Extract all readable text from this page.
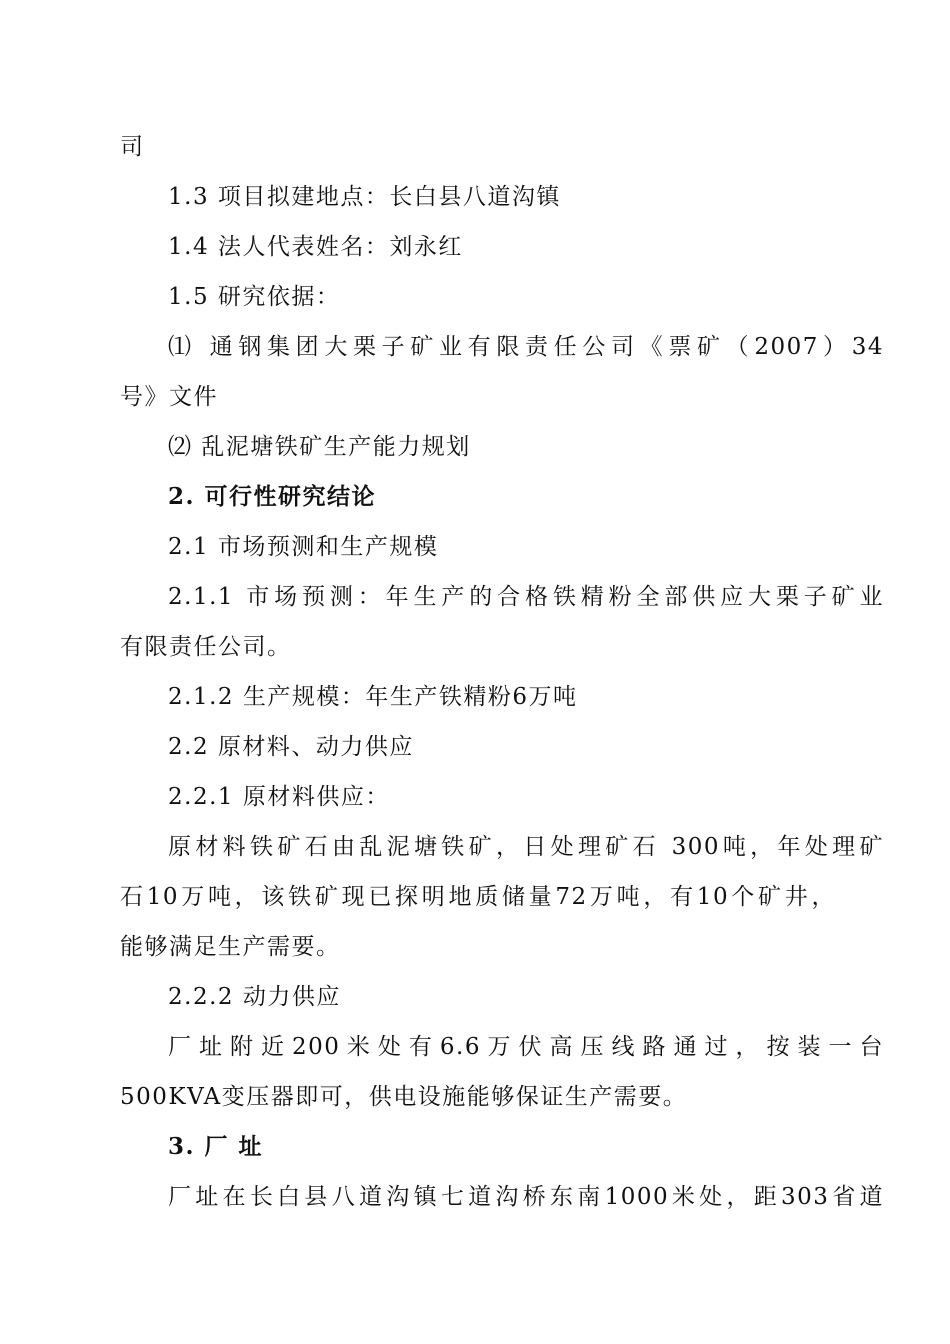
司
1.3 项目拟建地点：长白县八道沟镇
1.4 法人代表姓名：刘永红
1.5 研究依据：
⑴ 通钢集团大栗子矿业有限责任公司《票矿（2007）34
号》文件
⑵ 乱泥塘铁矿生产能力规划
2. 可行性研究结论
2.1 市场预测和生产规模
2.1.1 市场预测：年生产的合格铁精粉全部供应大栗子矿业
有限责任公司。
2.1.2 生产规模：年生产铁精粉6万吨
2.2 原材料、动力供应
2.2.1 原材料供应：
原材料铁矿石由乱泥塘铁矿，日处理矿石 300吨，年处理矿
石10万吨，该铁矿现已探明地质储量72万吨，有10个矿井，
能够满足生产需要。
2.2.2 动力供应
厂址附近200米处有6.6万伏高压线路通过，按装一台
500KVA变压器即可，供电设施能够保证生产需要。
3. 厂 址
厂址在长白县八道沟镇七道沟桥东南1000米处，距303省道
